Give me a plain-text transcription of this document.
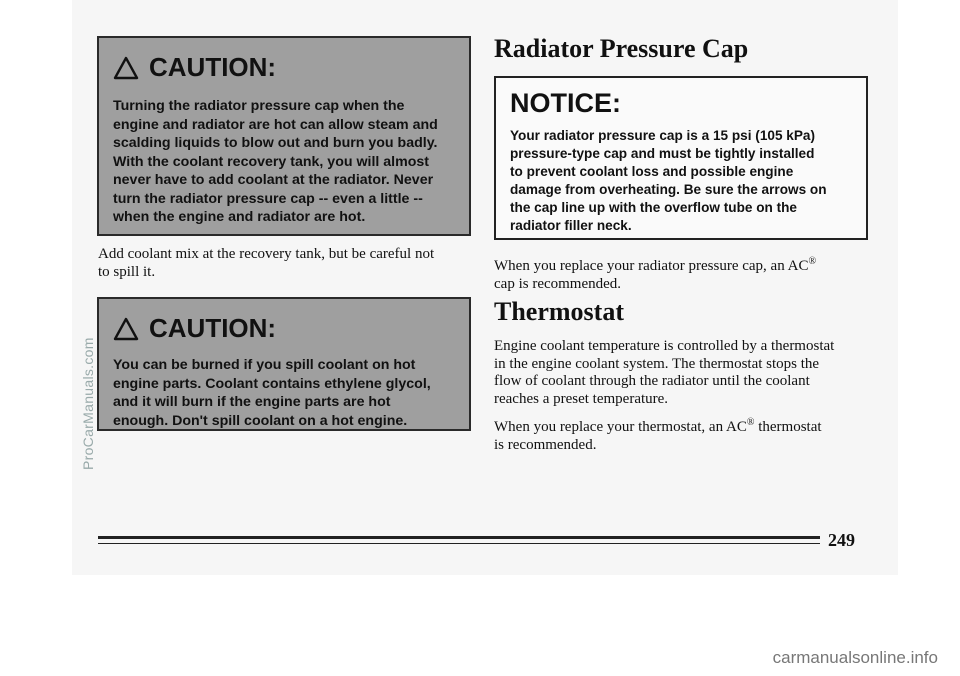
CAUTION:
Turning the radiator pressure cap when the
engine and radiator are hot can allow steam and
scalding liquids to blow out and burn you badly.
With the coolant recovery tank, you will almost
never have to add coolant at the radiator. Never
turn the radiator pressure cap -- even a little --
when the engine and radiator are hot.
Add coolant mix at the recovery tank, but be careful not
to spill it.
CAUTION:
You can be burned if you spill coolant on hot
engine parts. Coolant contains ethylene glycol,
and it will burn if the engine parts are hot
enough. Don't spill coolant on a hot engine.
Radiator Pressure Cap
NOTICE:
Your radiator pressure cap is a 15 psi (105 kPa)
pressure-type cap and must be tightly installed
to prevent coolant loss and possible engine
damage from overheating. Be sure the arrows on
the cap line up with the overflow tube on the
radiator filler neck.
When you replace your radiator pressure cap, an AC®
cap is recommended.
Thermostat
Engine coolant temperature is controlled by a thermostat
in the engine coolant system. The thermostat stops the
flow of coolant through the radiator until the coolant
reaches a preset temperature.
When you replace your thermostat, an AC® thermostat
is recommended.
249
ProCarManuals.com
carmanualsonline.info
